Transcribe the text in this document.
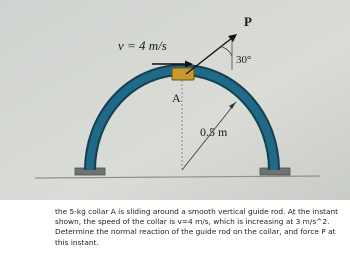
0.5 m
A
v = 4 m/s
P
30°
the 5-kg collar A is sliding around a smooth vertical guide rod. At the instant shown, the speed of the collar is v=4 m/s, which is increasing at 3 m/s^2. Determine the normal reaction of the guide rod on the collar, and force P at this instant.
